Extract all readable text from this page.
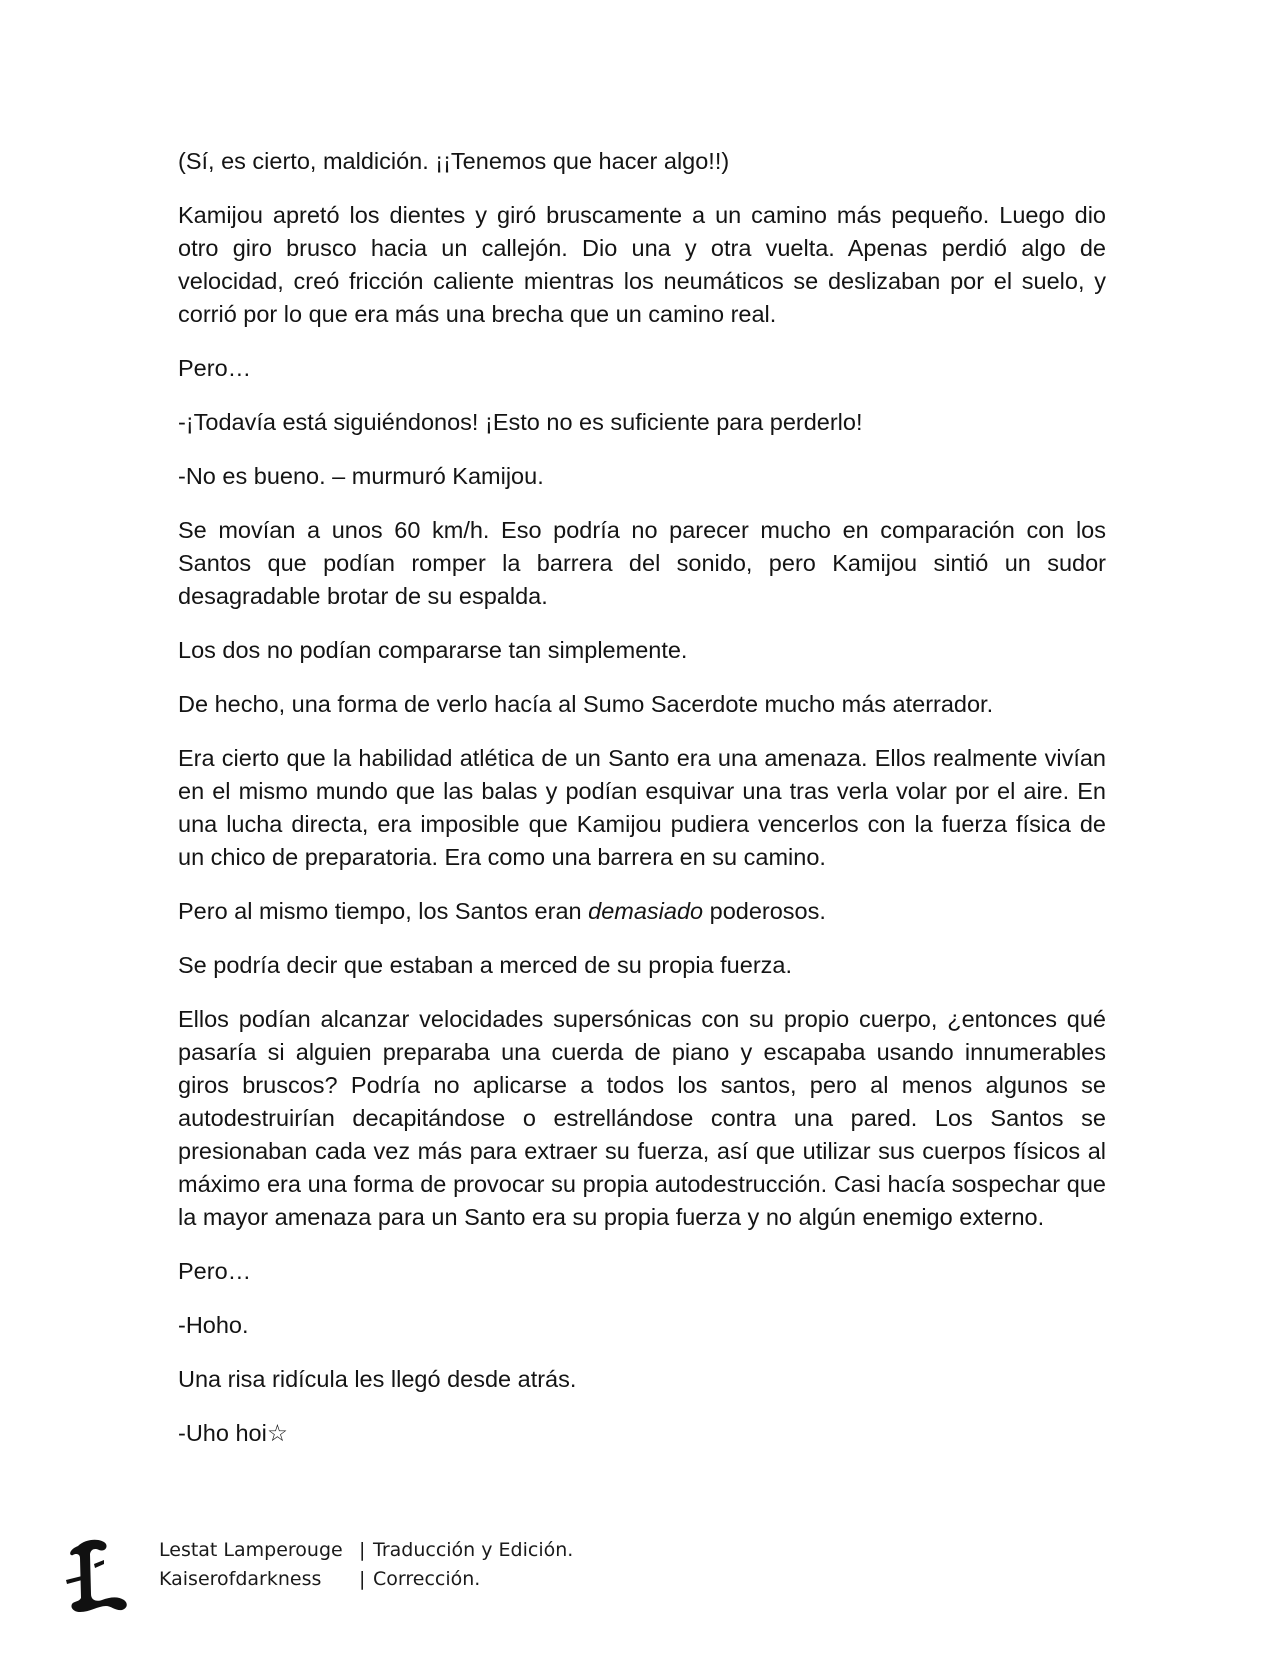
(Sí, es cierto, maldición. ¡¡Tenemos que hacer algo!!)

Kamijou apretó los dientes y giró bruscamente a un camino más pequeño. Luego dio otro giro brusco hacia un callejón. Dio una y otra vuelta. Apenas perdió algo de velocidad, creó fricción caliente mientras los neumáticos se deslizaban por el suelo, y corrió por lo que era más una brecha que un camino real.

Pero…

-¡Todavía está siguiéndonos! ¡Esto no es suficiente para perderlo!

-No es bueno. – murmuró Kamijou.

Se movían a unos 60 km/h. Eso podría no parecer mucho en comparación con los Santos que podían romper la barrera del sonido, pero Kamijou sintió un sudor desagradable brotar de su espalda.

Los dos no podían compararse tan simplemente.

De hecho, una forma de verlo hacía al Sumo Sacerdote mucho más aterrador.

Era cierto que la habilidad atlética de un Santo era una amenaza. Ellos realmente vivían en el mismo mundo que las balas y podían esquivar una tras verla volar por el aire. En una lucha directa, era imposible que Kamijou pudiera vencerlos con la fuerza física de un chico de preparatoria. Era como una barrera en su camino.

Pero al mismo tiempo, los Santos eran demasiado poderosos.

Se podría decir que estaban a merced de su propia fuerza.

Ellos podían alcanzar velocidades supersónicas con su propio cuerpo, ¿entonces qué pasaría si alguien preparaba una cuerda de piano y escapaba usando innumerables giros bruscos? Podría no aplicarse a todos los santos, pero al menos algunos se autodestruirían decapitándose o estrellándose contra una pared. Los Santos se presionaban cada vez más para extraer su fuerza, así que utilizar sus cuerpos físicos al máximo era una forma de provocar su propia autodestrucción. Casi hacía sospechar que la mayor amenaza para un Santo era su propia fuerza y no algún enemigo externo.

Pero…

-Hoho.

Una risa ridícula les llegó desde atrás.

-Uho hoi☆

Lestat Lamperouge | Traducción y Edición.
Kaiserofdarkness	| Corrección.
